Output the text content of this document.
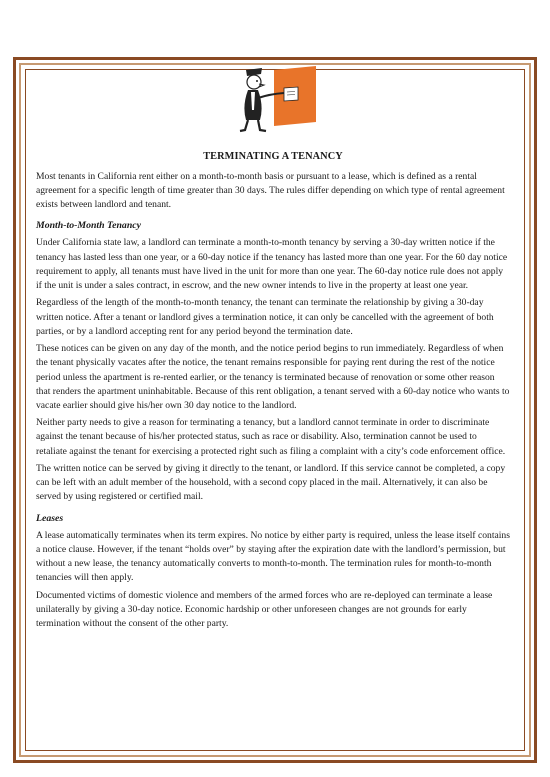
TERMINATING A TENANCY

Most tenants in California rent either on a month-to-month basis or pursuant to a lease, which is defined as a rental agreement for a specific length of time greater than 30 days. The rules differ depending on which type of rental agreement exists between landlord and tenant.

Month-to-Month Tenancy

Under California state law, a landlord can terminate a month-to-month tenancy by serving a 30-day written notice if the tenancy has lasted less than one year, or a 60-day notice if the tenancy has lasted more than one year. For the 60 day notice requirement to apply, all tenants must have lived in the unit for more than one year. The 60-day notice rule does not apply if the unit is under a sales contract, in escrow, and the new owner intends to live in the property at least one year.

Regardless of the length of the month-to-month tenancy, the tenant can terminate the relationship by giving a 30-day written notice. After a tenant or landlord gives a termination notice, it can only be cancelled with the agreement of both parties, or by a landlord accepting rent for any period beyond the termination date.

These notices can be given on any day of the month, and the notice period begins to run immediately. Regardless of when the tenant physically vacates after the notice, the tenant remains responsible for paying rent during the rest of the notice period unless the apartment is re-rented earlier, or the tenancy is terminated because of renovation or some other reason that renders the apartment uninhabitable. Because of this rent obligation, a tenant served with a 60-day notice who wants to vacate earlier should give his/her own 30 day notice to the landlord.

Neither party needs to give a reason for terminating a tenancy, but a landlord cannot terminate in order to discriminate against the tenant because of his/her protected status, such as race or disability. Also, termination cannot be used to retaliate against the tenant for exercising a protected right such as filing a complaint with a city’s code enforcement office.

The written notice can be served by giving it directly to the tenant, or landlord. If this service cannot be completed, a copy can be left with an adult member of the household, with a second copy placed in the mail. Alternatively, it can also be served by using registered or certified mail.

Leases

A lease automatically terminates when its term expires. No notice by either party is required, unless the lease itself contains a notice clause. However, if the tenant “holds over” by staying after the expiration date with the landlord’s permission, but without a new lease, the tenancy automatically converts to month-to-month. The termination rules for month-to-month tenancies will then apply.

Documented victims of domestic violence and members of the armed forces who are re-deployed can terminate a lease unilaterally by giving a 30-day notice. Economic hardship or other unforeseen changes are not grounds for early termination without the consent of the other party.
